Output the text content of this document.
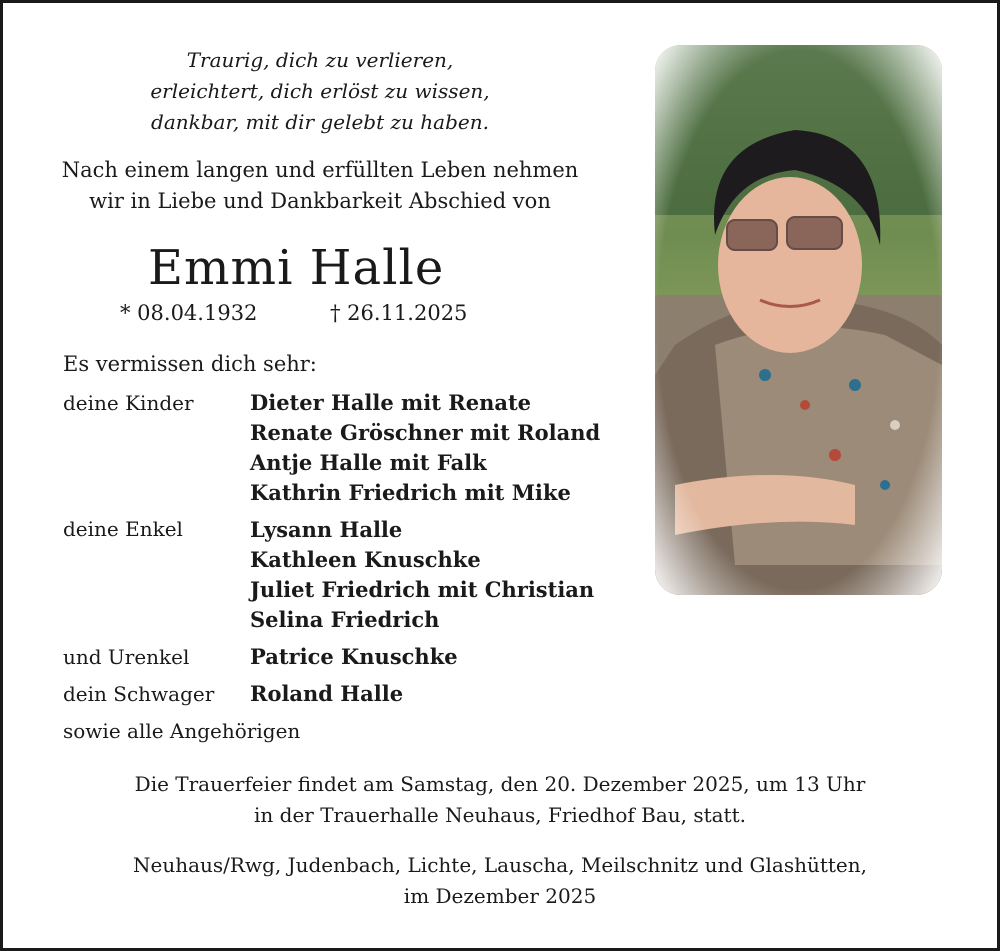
Traurig, dich zu verlieren,
erleichtert, dich erlöst zu wissen,
dankbar, mit dir gelebt zu haben.
Nach einem langen und erfüllten Leben nehmen
wir in Liebe und Dankbarkeit Abschied von
Emmi Halle
* 08.04.1932	† 26.11.2025
Es vermissen dich sehr:
deine Kinder	Dieter Halle mit Renate
Renate Gröschner mit Roland
Antje Halle mit Falk
Kathrin Friedrich mit Mike
deine Enkel	Lysann Halle
Kathleen Knuschke
Juliet Friedrich mit Christian
Selina Friedrich
und Urenkel	Patrice Knuschke
dein Schwager Roland Halle
sowie alle Angehörigen
Die Trauerfeier findet am Samstag, den 20. Dezember 2025, um 13 Uhr
in der Trauerhalle Neuhaus, Friedhof Bau, statt.
Neuhaus/Rwg, Judenbach, Lichte, Lauscha, Meilschnitz und Glashütten,
im Dezember 2025
